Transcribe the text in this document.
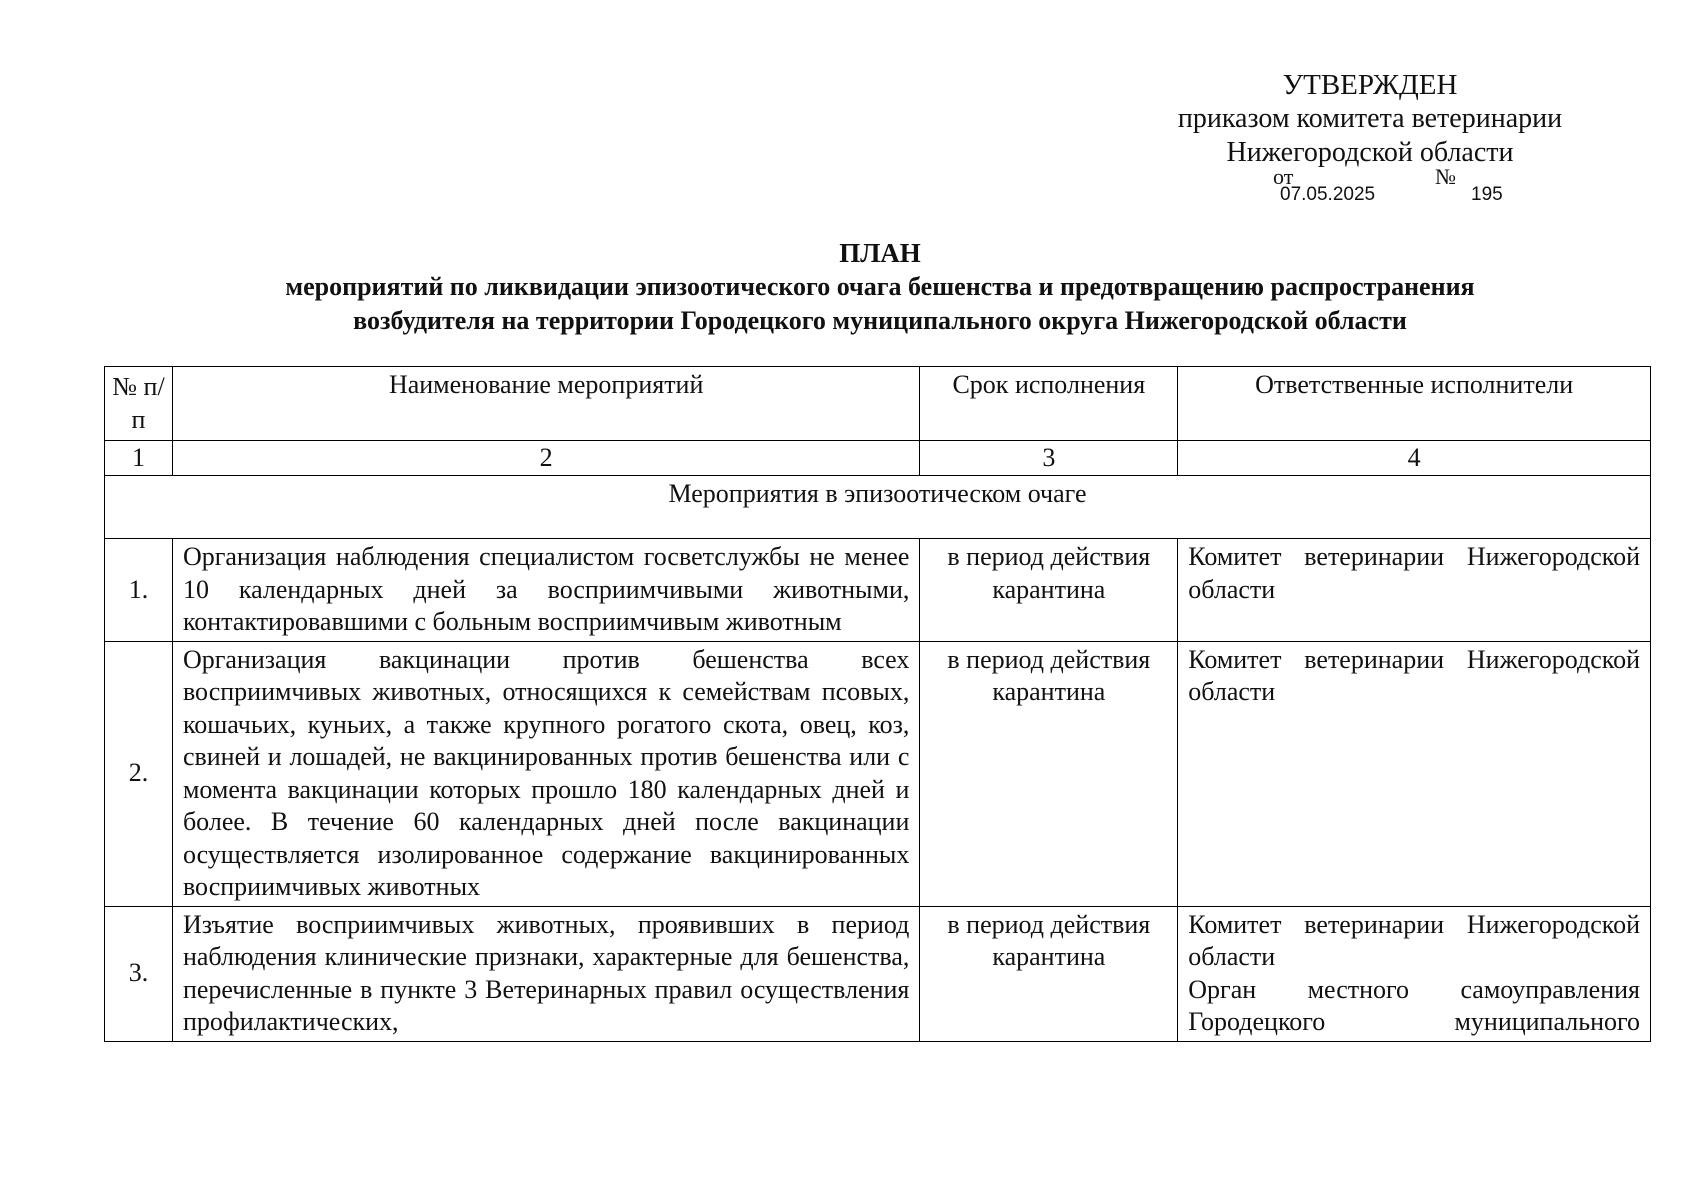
УТВЕРЖДЕН
приказом комитета ветеринарии
Нижегородской области
от	№
07.05.2025	195
ПЛАН
мероприятий по ликвидации эпизоотического очага бешенства и предотвращению распространения
возбудителя на территории Городецкого муниципального округа Нижегородской области
№ п/п	Наименование мероприятий	Срок исполнения	Ответственные исполнители
1	2	3	4
Мероприятия в эпизоотическом очаге			
1.	Организация наблюдения специалистом госветслужбы не менее 10 календарных дней за восприимчивыми животными, контактировавшими с больным восприимчивым животным	в период действия карантина	Комитет ветеринарии Нижегородской области

2.	Организация вакцинации против бешенства всех восприимчивых животных, относящихся к семействам псовых, кошачьих, куньих, а также крупного рогатого скота, овец, коз, свиней и лошадей, не вакцинированных против бешенства или с момента вакцинации которых прошло 180 календарных дней и более. В течение 60 календарных дней после вакцинации осуществляется изолированное содержание вакцинированных восприимчивых животных	в период действия карантина	Комитет ветеринарии Нижегородской области

3.	Изъятие восприимчивых животных, проявивших в период наблюдения клинические признаки, характерные для бешенства, перечисленные в пункте 3 Ветеринарных правил осуществления профилактических,	в период действия карантина	Комитет ветеринарии Нижегородской области
Орган местного самоуправления Городецкого муниципального
